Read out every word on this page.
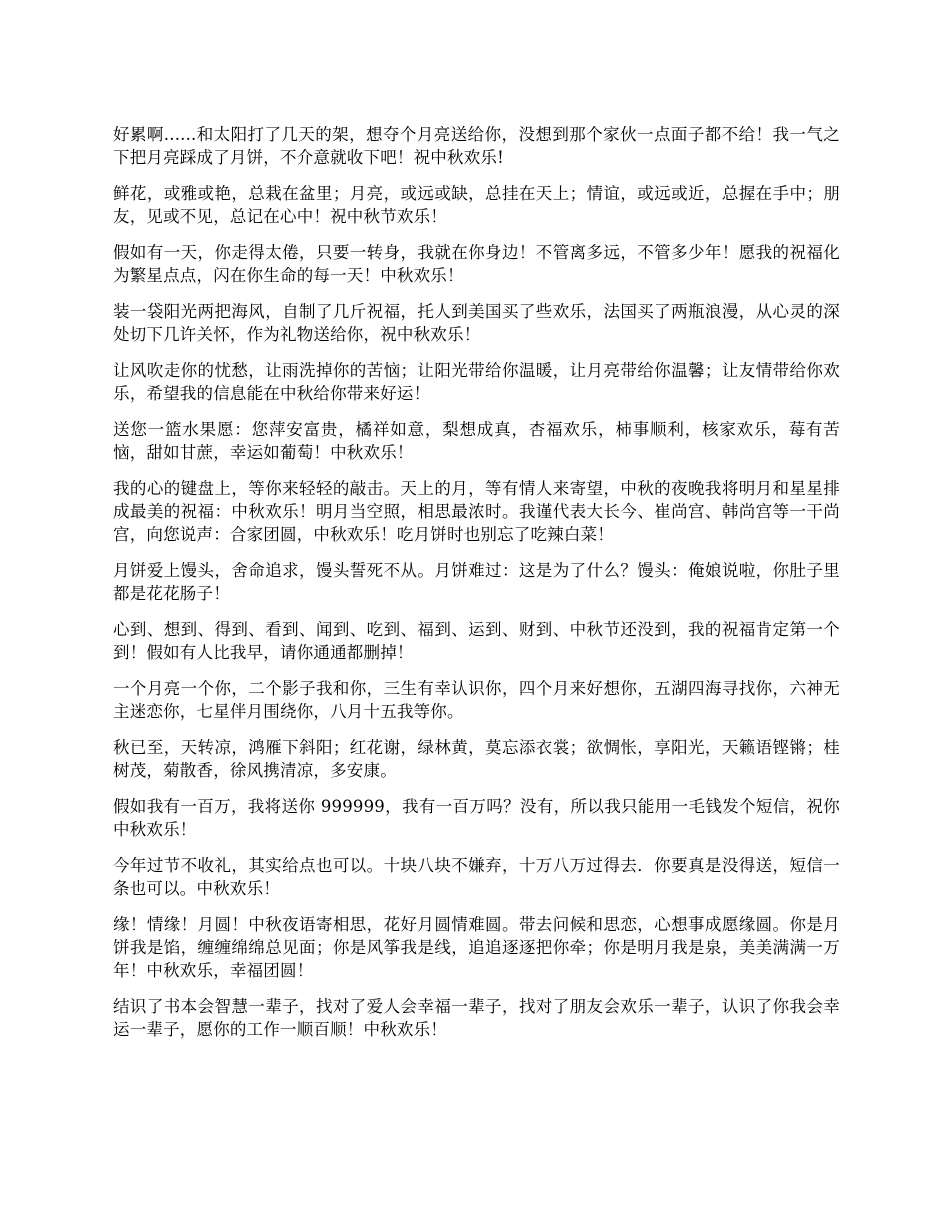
好累啊......和太阳打了几天的架，想夺个月亮送给你，没想到那个家伙一点面子都不给！我一气之下把月亮踩成了月饼，不介意就收下吧！祝中秋欢乐!

鲜花，或雅或艳，总栽在盆里；月亮，或远或缺，总挂在天上；情谊，或远或近，总握在手中；朋友，见或不见，总记在心中！祝中秋节欢乐！

假如有一天，你走得太倦，只要一转身，我就在你身边！不管离多远，不管多少年！愿我的祝福化为繁星点点，闪在你生命的每一天！中秋欢乐！

装一袋阳光两把海风，自制了几斤祝福，托人到美国买了些欢乐，法国买了两瓶浪漫，从心灵的深处切下几许关怀，作为礼物送给你，祝中秋欢乐！

让风吹走你的忧愁，让雨洗掉你的苦恼；让阳光带给你温暖，让月亮带给你温馨；让友情带给你欢乐，希望我的信息能在中秋给你带来好运！

送您一篮水果愿：您萍安富贵，橘祥如意，梨想成真，杏福欢乐，柿事顺利，核家欢乐，莓有苦恼，甜如甘蔗，幸运如葡萄！中秋欢乐！

我的心的键盘上，等你来轻轻的敲击。天上的月，等有情人来寄望，中秋的夜晚我将明月和星星排成最美的祝福：中秋欢乐！明月当空照，相思最浓时。我谨代表大长今、崔尚宫、韩尚宫等一干尚宫，向您说声：合家团圆，中秋欢乐！吃月饼时也别忘了吃辣白菜！

月饼爱上馒头，舍命追求，馒头誓死不从。月饼难过：这是为了什么？馒头：俺娘说啦，你肚子里都是花花肠子！

心到、想到、得到、看到、闻到、吃到、福到、运到、财到、中秋节还没到，我的祝福肯定第一个到！假如有人比我早，请你通通都删掉！

一个月亮一个你，二个影子我和你，三生有幸认识你，四个月来好想你，五湖四海寻找你，六神无主迷恋你，七星伴月围绕你，八月十五我等你。

秋已至，天转凉，鸿雁下斜阳；红花谢，绿林黄，莫忘添衣裳；欲惆怅，享阳光，天籁语铿锵；桂树茂，菊散香，徐风携清凉，多安康。

假如我有一百万，我将送你 999999，我有一百万吗？没有，所以我只能用一毛钱发个短信，祝你中秋欢乐！

今年过节不收礼，其实给点也可以。十块八块不嫌弃，十万八万过得去．你要真是没得送，短信一条也可以。中秋欢乐！

缘！情缘！月圆！中秋夜语寄相思，花好月圆情难圆。带去问候和思恋，心想事成愿缘圆。你是月饼我是馅，缠缠绵绵总见面；你是风筝我是线，追追逐逐把你牵；你是明月我是泉，美美满满一万年！中秋欢乐，幸福团圆！

结识了书本会智慧一辈子，找对了爱人会幸福一辈子，找对了朋友会欢乐一辈子，认识了你我会幸运一辈子，愿你的工作一顺百顺！中秋欢乐！
